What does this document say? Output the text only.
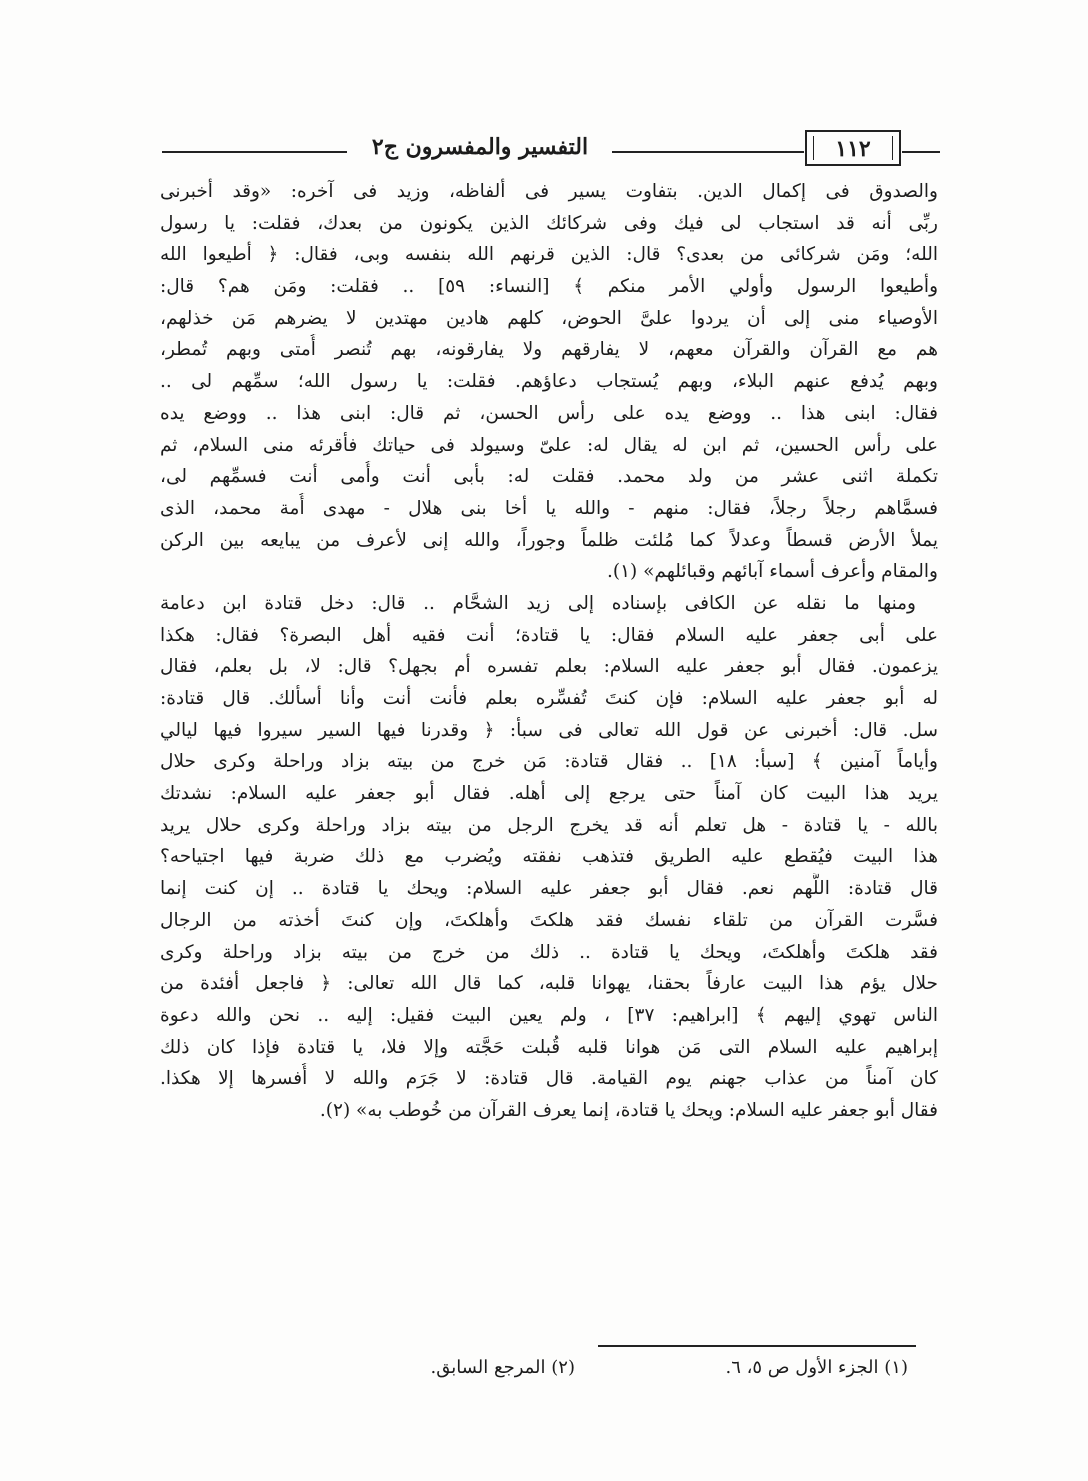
التفسير والمفسرون ج٢	١١٢
والصدوق فى إكمال الدين. بتفاوت يسير فى ألفاظه، وزيد فى آخره: «وقد أخبرنى
ربِّى أنه قد استجاب لى فيك وفى شركائك الذين يكونون من بعدك، فقلت: يا رسول
الله؛ ومَن شركائى من بعدى؟ قال: الذين قرنهم الله بنفسه وبى، فقال: ﴿ أطيعوا الله
وأطيعوا الرسول وأولي الأمر منكم ﴾ [النساء: ٥٩] .. فقلت: ومَن هم؟ قال:
الأوصياء منى إلى أن يردوا علىَّ الحوض، كلهم هادين مهتدين لا يضرهم مَن خذلهم،
هم مع القرآن والقرآن معهم، لا يفارقهم ولا يفارقونه، بهم تُنصر أُمتى وبهم تُمطر،
وبهم يُدفع عنهم البلاء، وبهم يُستجاب دعاؤهم. فقلت: يا رسول الله؛ سمِّهم لى ..
فقال: ابنى هذا .. ووضع يده على رأس الحسن، ثم قال: ابنى هذا .. ووضع يده
على رأس الحسين، ثم ابن له يقال له: علىّ وسيولد فى حياتك فأقرئه منى السلام، ثم
تكملة اثنى عشر من ولد محمد. فقلت له: بأبى أنت وأُمى أنت فسمِّهم لى،
فسمَّاهم رجلاً رجلاً، فقال: منهم - والله يا أخا بنى هلال - مهدى أُمة محمد، الذى
يملأ الأرض قسطاً وعدلاً كما مُلئت ظلماً وجوراً، والله إنى لأعرف من يبايعه بين الركن
والمقام وأعرف أسماء آبائهم وقبائلهم» (١).
ومنها ما نقله عن الكافى بإسناده إلى زيد الشحَّام .. قال: دخل قتادة ابن دعامة
على أبى جعفر عليه السلام فقال: يا قتادة؛ أنت فقيه أهل البصرة؟ فقال: هكذا
يزعمون. فقال أبو جعفر عليه السلام: بعلم تفسره أم بجهل؟ قال: لا، بل بعلم، فقال
له أبو جعفر عليه السلام: فإن كنتَ تُفسِّره بعلم فأنت أنت وأنا أسألك. قال قتادة:
سل. قال: أخبرنى عن قول الله تعالى فى سبأ: ﴿ وقدرنا فيها السير سيروا فيها ليالي
وأياماً آمنين ﴾ [سبأ: ١٨] .. فقال قتادة: مَن خرج من بيته بزاد وراحلة وكرى حلال
يريد هذا البيت كان آمناً حتى يرجع إلى أهله. فقال أبو جعفر عليه السلام: نشدتك
بالله - يا قتادة - هل تعلم أنه قد يخرج الرجل من بيته بزاد وراحلة وكرى حلال يريد
هذا البيت فيُقطع عليه الطريق فتذهب نفقته ويُضرب مع ذلك ضربة فيها اجتياحه؟
قال قتادة: اللَّهم نعم. فقال أبو جعفر عليه السلام: ويحك يا قتادة .. إن كنت إنما
فسَّرت القرآن من تلقاء نفسك فقد هلكتَ وأهلكتَ، وإن كنتَ أخذته من الرجال
فقد هلكتَ وأهلكتَ، ويحك يا قتادة .. ذلك من خرج من بيته بزاد وراحلة وكرى
حلال يؤم هذا البيت عارفاً بحقنا، يهوانا قلبه، كما قال الله تعالى: ﴿ فاجعل أفئدة من
الناس تهوي إليهم ﴾ [ابراهيم: ٣٧] ، ولم يعين البيت فقيل: إليه .. نحن والله دعوة
إبراهيم عليه السلام التى مَن هوانا قلبه قُبلت حَجَّته وإلا فلا، يا قتادة فإذا كان ذلك
كان آمناً من عذاب جهنم يوم القيامة. قال قتادة: لا جَرَم والله لا أُفسرها إلا هكذا.
فقال أبو جعفر عليه السلام: ويحك يا قتادة، إنما يعرف القرآن من خُوطب به» (٢).
(١) الجزء الأول ص ٥، ٦.
(٢) المرجع السابق.
